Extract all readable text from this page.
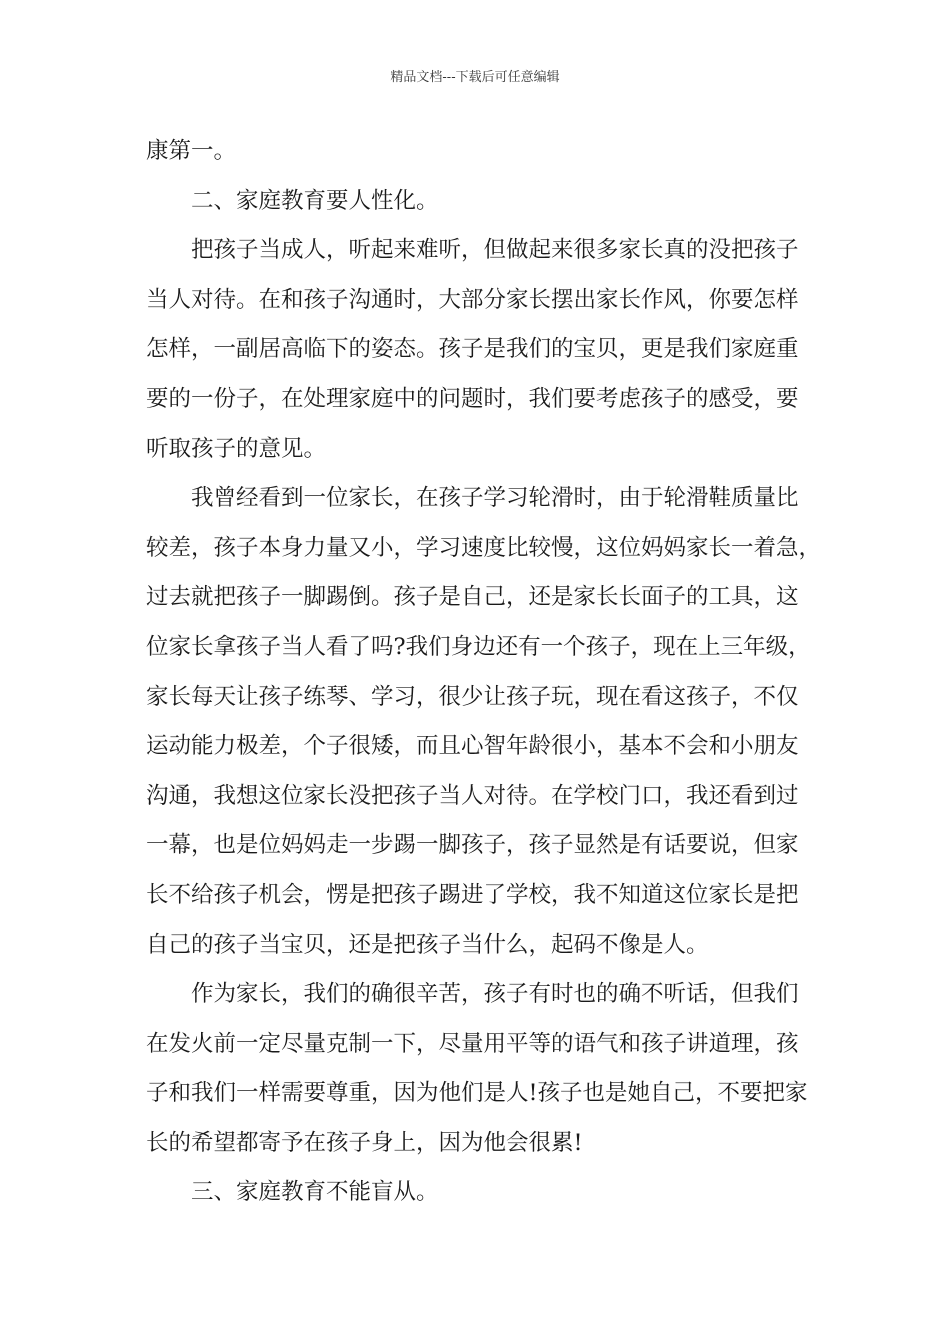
精品文档---下载后可任意编辑
康第一。
二、家庭教育要人性化。
把孩子当成人，听起来难听，但做起来很多家长真的没把孩子
当人对待。在和孩子沟通时，大部分家长摆出家长作风，你要怎样
怎样，一副居高临下的姿态。孩子是我们的宝贝，更是我们家庭重
要的一份子，在处理家庭中的问题时，我们要考虑孩子的感受，要
听取孩子的意见。
我曾经看到一位家长，在孩子学习轮滑时，由于轮滑鞋质量比
较差，孩子本身力量又小，学习速度比较慢，这位妈妈家长一着急，
过去就把孩子一脚踢倒。孩子是自己，还是家长长面子的工具，这
位家长拿孩子当人看了吗?我们身边还有一个孩子，现在上三年级，
家长每天让孩子练琴、学习，很少让孩子玩，现在看这孩子，不仅
运动能力极差，个子很矮，而且心智年龄很小，基本不会和小朋友
沟通，我想这位家长没把孩子当人对待。在学校门口，我还看到过
一幕，也是位妈妈走一步踢一脚孩子，孩子显然是有话要说，但家
长不给孩子机会，愣是把孩子踢进了学校，我不知道这位家长是把
自己的孩子当宝贝，还是把孩子当什么，起码不像是人。
作为家长，我们的确很辛苦，孩子有时也的确不听话，但我们
在发火前一定尽量克制一下，尽量用平等的语气和孩子讲道理，孩
子和我们一样需要尊重，因为他们是人!孩子也是她自己，不要把家
长的希望都寄予在孩子身上，因为他会很累!
三、家庭教育不能盲从。
